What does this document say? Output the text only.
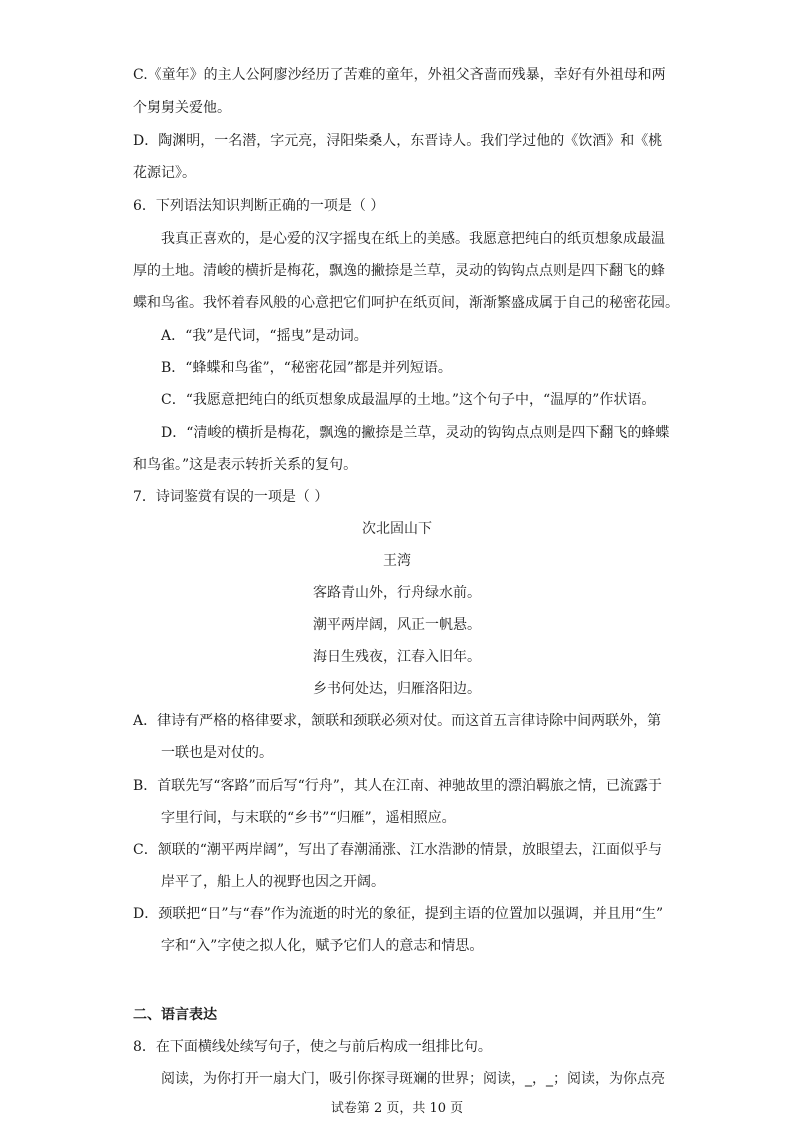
C.《童年》的主人公阿廖沙经历了苦难的童年，外祖父吝啬而残暴，幸好有外祖母和两
个舅舅关爱他。
D．陶渊明，一名潜，字元亮，浔阳柴桑人，东晋诗人。我们学过他的《饮酒》和《桃
花源记》。
6．下列语法知识判断正确的一项是（ ）
我真正喜欢的，是心爱的汉字摇曳在纸上的美感。我愿意把纯白的纸页想象成最温
厚的土地。清峻的横折是梅花，飘逸的撇捺是兰草，灵动的钩钩点点则是四下翻飞的蜂
蝶和鸟雀。我怀着春风般的心意把它们呵护在纸页间，渐渐繁盛成属于自己的秘密花园。
A．“我”是代词，“摇曳”是动词。
B．“蜂蝶和鸟雀”，“秘密花园”都是并列短语。
C．“我愿意把纯白的纸页想象成最温厚的土地。”这个句子中，“温厚的”作状语。
D．“清峻的横折是梅花，飘逸的撇捺是兰草，灵动的钩钩点点则是四下翻飞的蜂蝶
和鸟雀。”这是表示转折关系的复句。
7．诗词鉴赏有误的一项是（ ）
次北固山下
王湾
客路青山外，行舟绿水前。
潮平两岸阔，风正一帆悬。
海日生残夜，江春入旧年。
乡书何处达，归雁洛阳边。
A．律诗有严格的格律要求，颔联和颈联必须对仗。而这首五言律诗除中间两联外，第
一联也是对仗的。
B．首联先写“客路”而后写“行舟”，其人在江南、神驰故里的漂泊羁旅之情，已流露于
字里行间，与末联的“乡书”“归雁”，遥相照应。
C．颔联的“潮平两岸阔”，写出了春潮涌涨、江水浩渺的情景，放眼望去，江面似乎与
岸平了，船上人的视野也因之开阔。
D．颈联把“日”与“春”作为流逝的时光的象征，提到主语的位置加以强调，并且用“生”
字和“入”字使之拟人化，赋予它们人的意志和情思。
二、语言表达
8．在下面横线处续写句子，使之与前后构成一组排比句。
阅读，为你打开一扇大门，吸引你探寻斑斓的世界；阅读，_，_；阅读，为你点亮
试卷第 2 页，共 10 页
